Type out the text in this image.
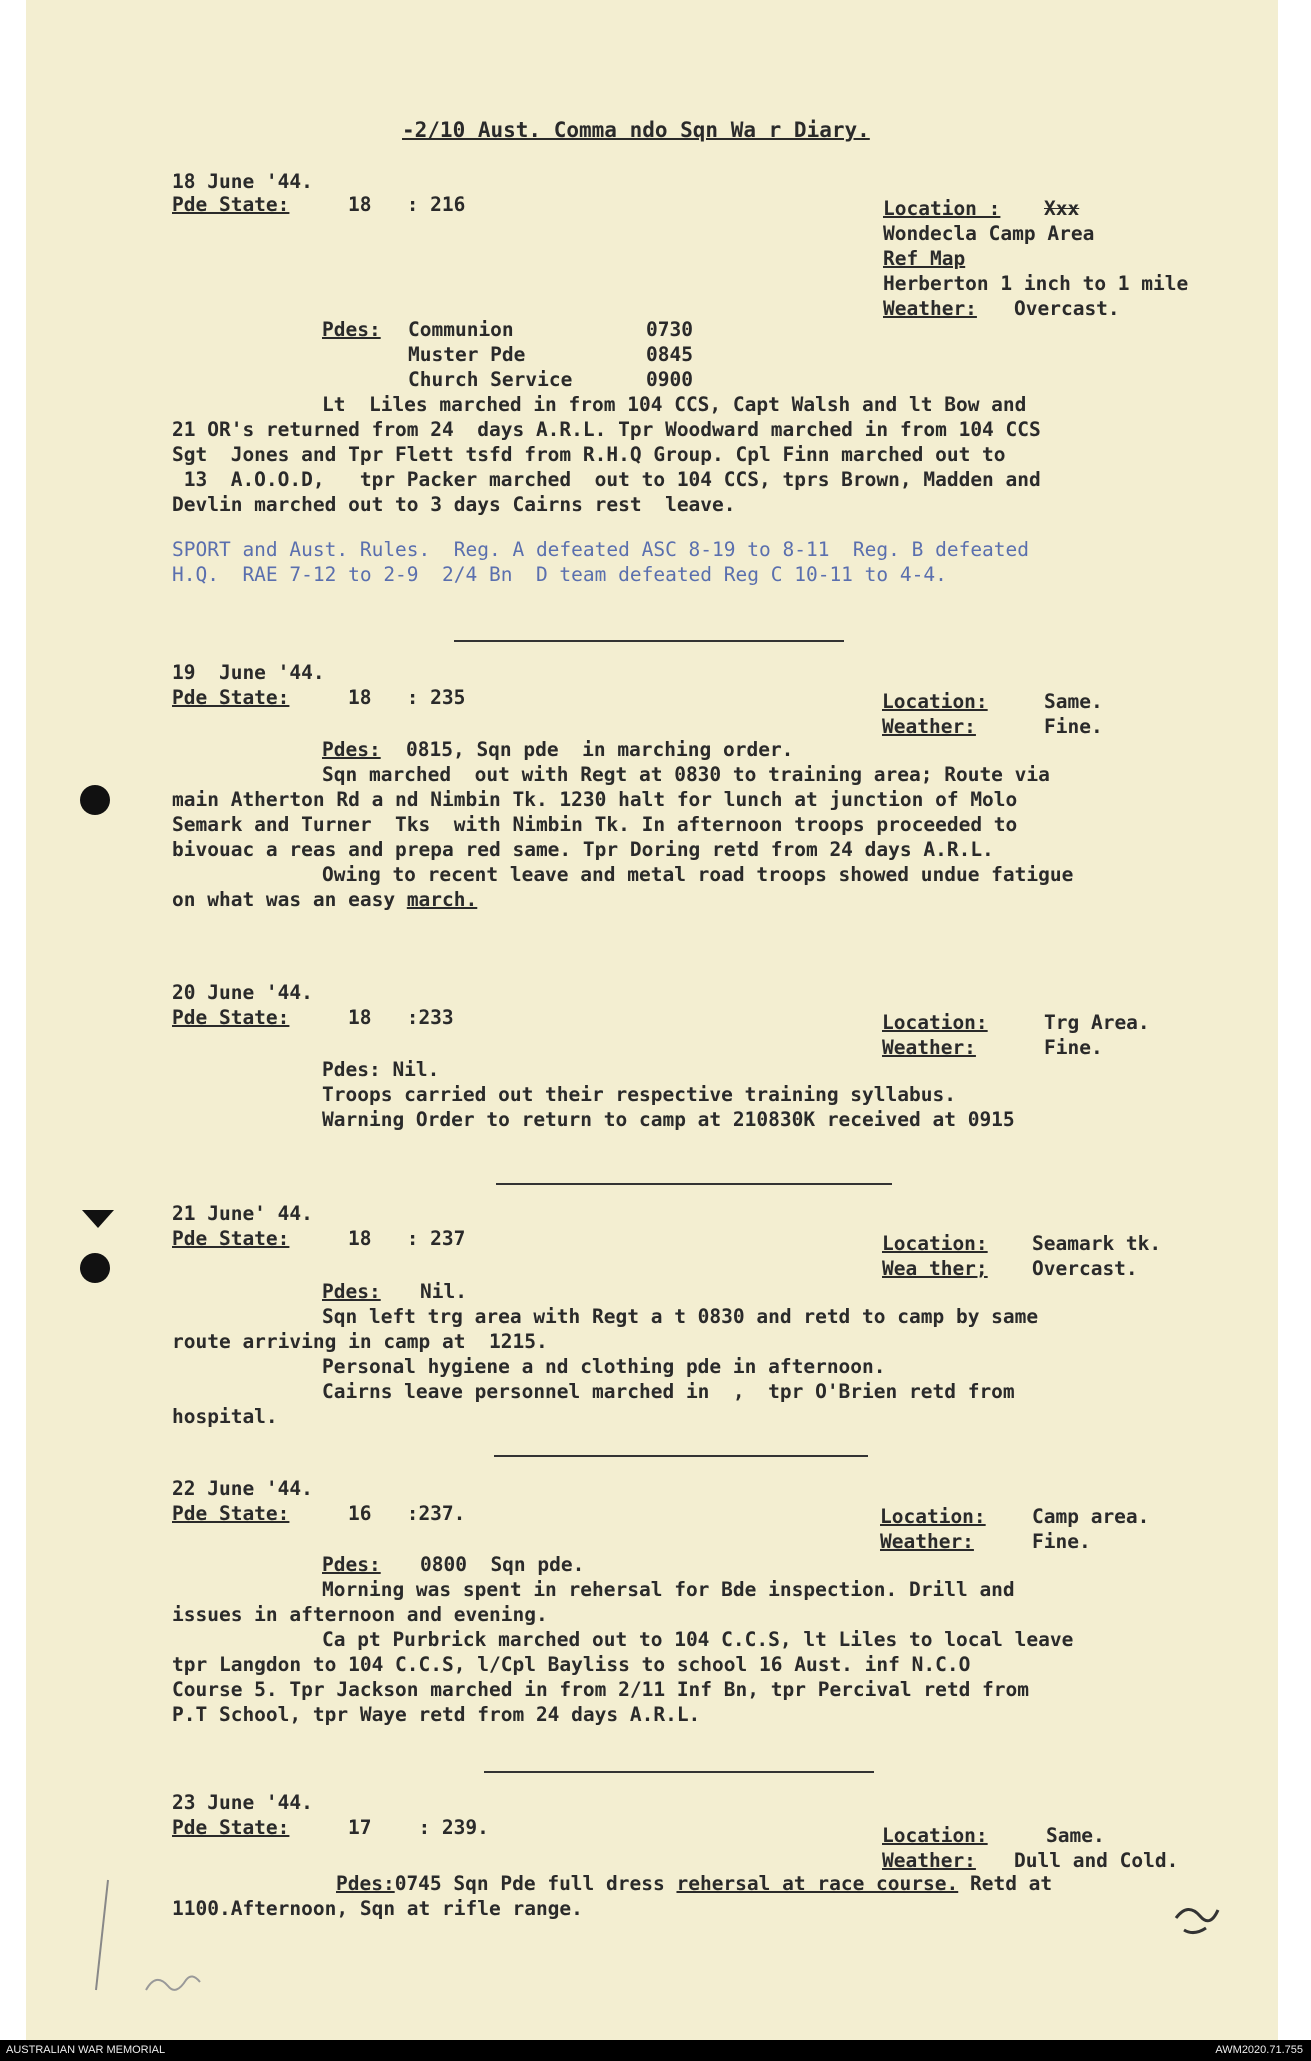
-2/10 Aust. Comma ndo Sqn Wa r Diary.
18 June '44.
Pde State:	18   : 216	Location : Xxx
Wondecla Camp Area
Ref Map
Herberton 1 inch to 1 mile
Weather: Overcast.
Pdes: Communion	0730
Muster Pde	0845
Church Service	0900
Lt  Liles marched in from 104 CCS, Capt Walsh and lt Bow and
21 OR's returned from 24  days A.R.L. Tpr Woodward marched in from 104 CCS
Sgt  Jones and Tpr Flett tsfd from R.H.Q Group. Cpl Finn marched out to
13  A.O.O.D,   tpr Packer marched  out to 104 CCS, tprs Brown, Madden and
Devlin marched out to 3 days Cairns rest  leave.
SPORT and Aust. Rules.  Reg. A defeated ASC 8-19 to 8-11  Reg. B defeated
H.Q.  RAE 7-12 to 2-9  2/4 Bn  D team defeated Reg C 10-11 to 4-4.
19  June '44.
Pde State:	18   : 235	Location:	Same.
Weather:	Fine.
Pdes: 0815, Sqn pde  in marching order.
Sqn marched  out with Regt at 0830 to training area; Route via
main Atherton Rd a nd Nimbin Tk. 1230 halt for lunch at junction of Molo
Semark and Turner  Tks  with Nimbin Tk. In afternoon troops proceeded to
bivouac a reas and prepa red same. Tpr Doring retd from 24 days A.R.L.
Owing to recent leave and metal road troops showed undue fatigue
on what was an easy march.
20 June '44.
Pde State:	18   :233	Location:	Trg Area.
Weather:	Fine.
Pdes: Nil.
Troops carried out their respective training syllabus.
Warning Order to return to camp at 210830K received at 0915
21 June' 44.
Pde State:	18   : 237	Location: Seamark tk.
Wea ther; Overcast.
Pdes: Nil.
Sqn left trg area with Regt a t 0830 and retd to camp by same
route arriving in camp at  1215.
Personal hygiene a nd clothing pde in afternoon.
Cairns leave personnel marched in  ,  tpr O'Brien retd from
hospital.
22 June '44.
Pde State:	16   :237.	Location: Camp area.
Weather:	Fine.
Pdes: 0800  Sqn pde.
Morning was spent in rehersal for Bde inspection. Drill and
issues in afternoon and evening.
Ca pt Purbrick marched out to 104 C.C.S, lt Liles to local leave
tpr Langdon to 104 C.C.S, l/Cpl Bayliss to school 16 Aust. inf N.C.O
Course 5. Tpr Jackson marched in from 2/11 Inf Bn, tpr Percival retd from
P.T School, tpr Waye retd from 24 days A.R.L.
23 June '44.
Pde State:	17    : 239.	Location:	Same.
Weather: Dull and Cold.
Pdes:0745 Sqn Pde full dress rehersal at race course. Retd at
1100.Afternoon, Sqn at rifle range.
AUSTRALIAN WAR MEMORIAL	AWM2020.71.755
